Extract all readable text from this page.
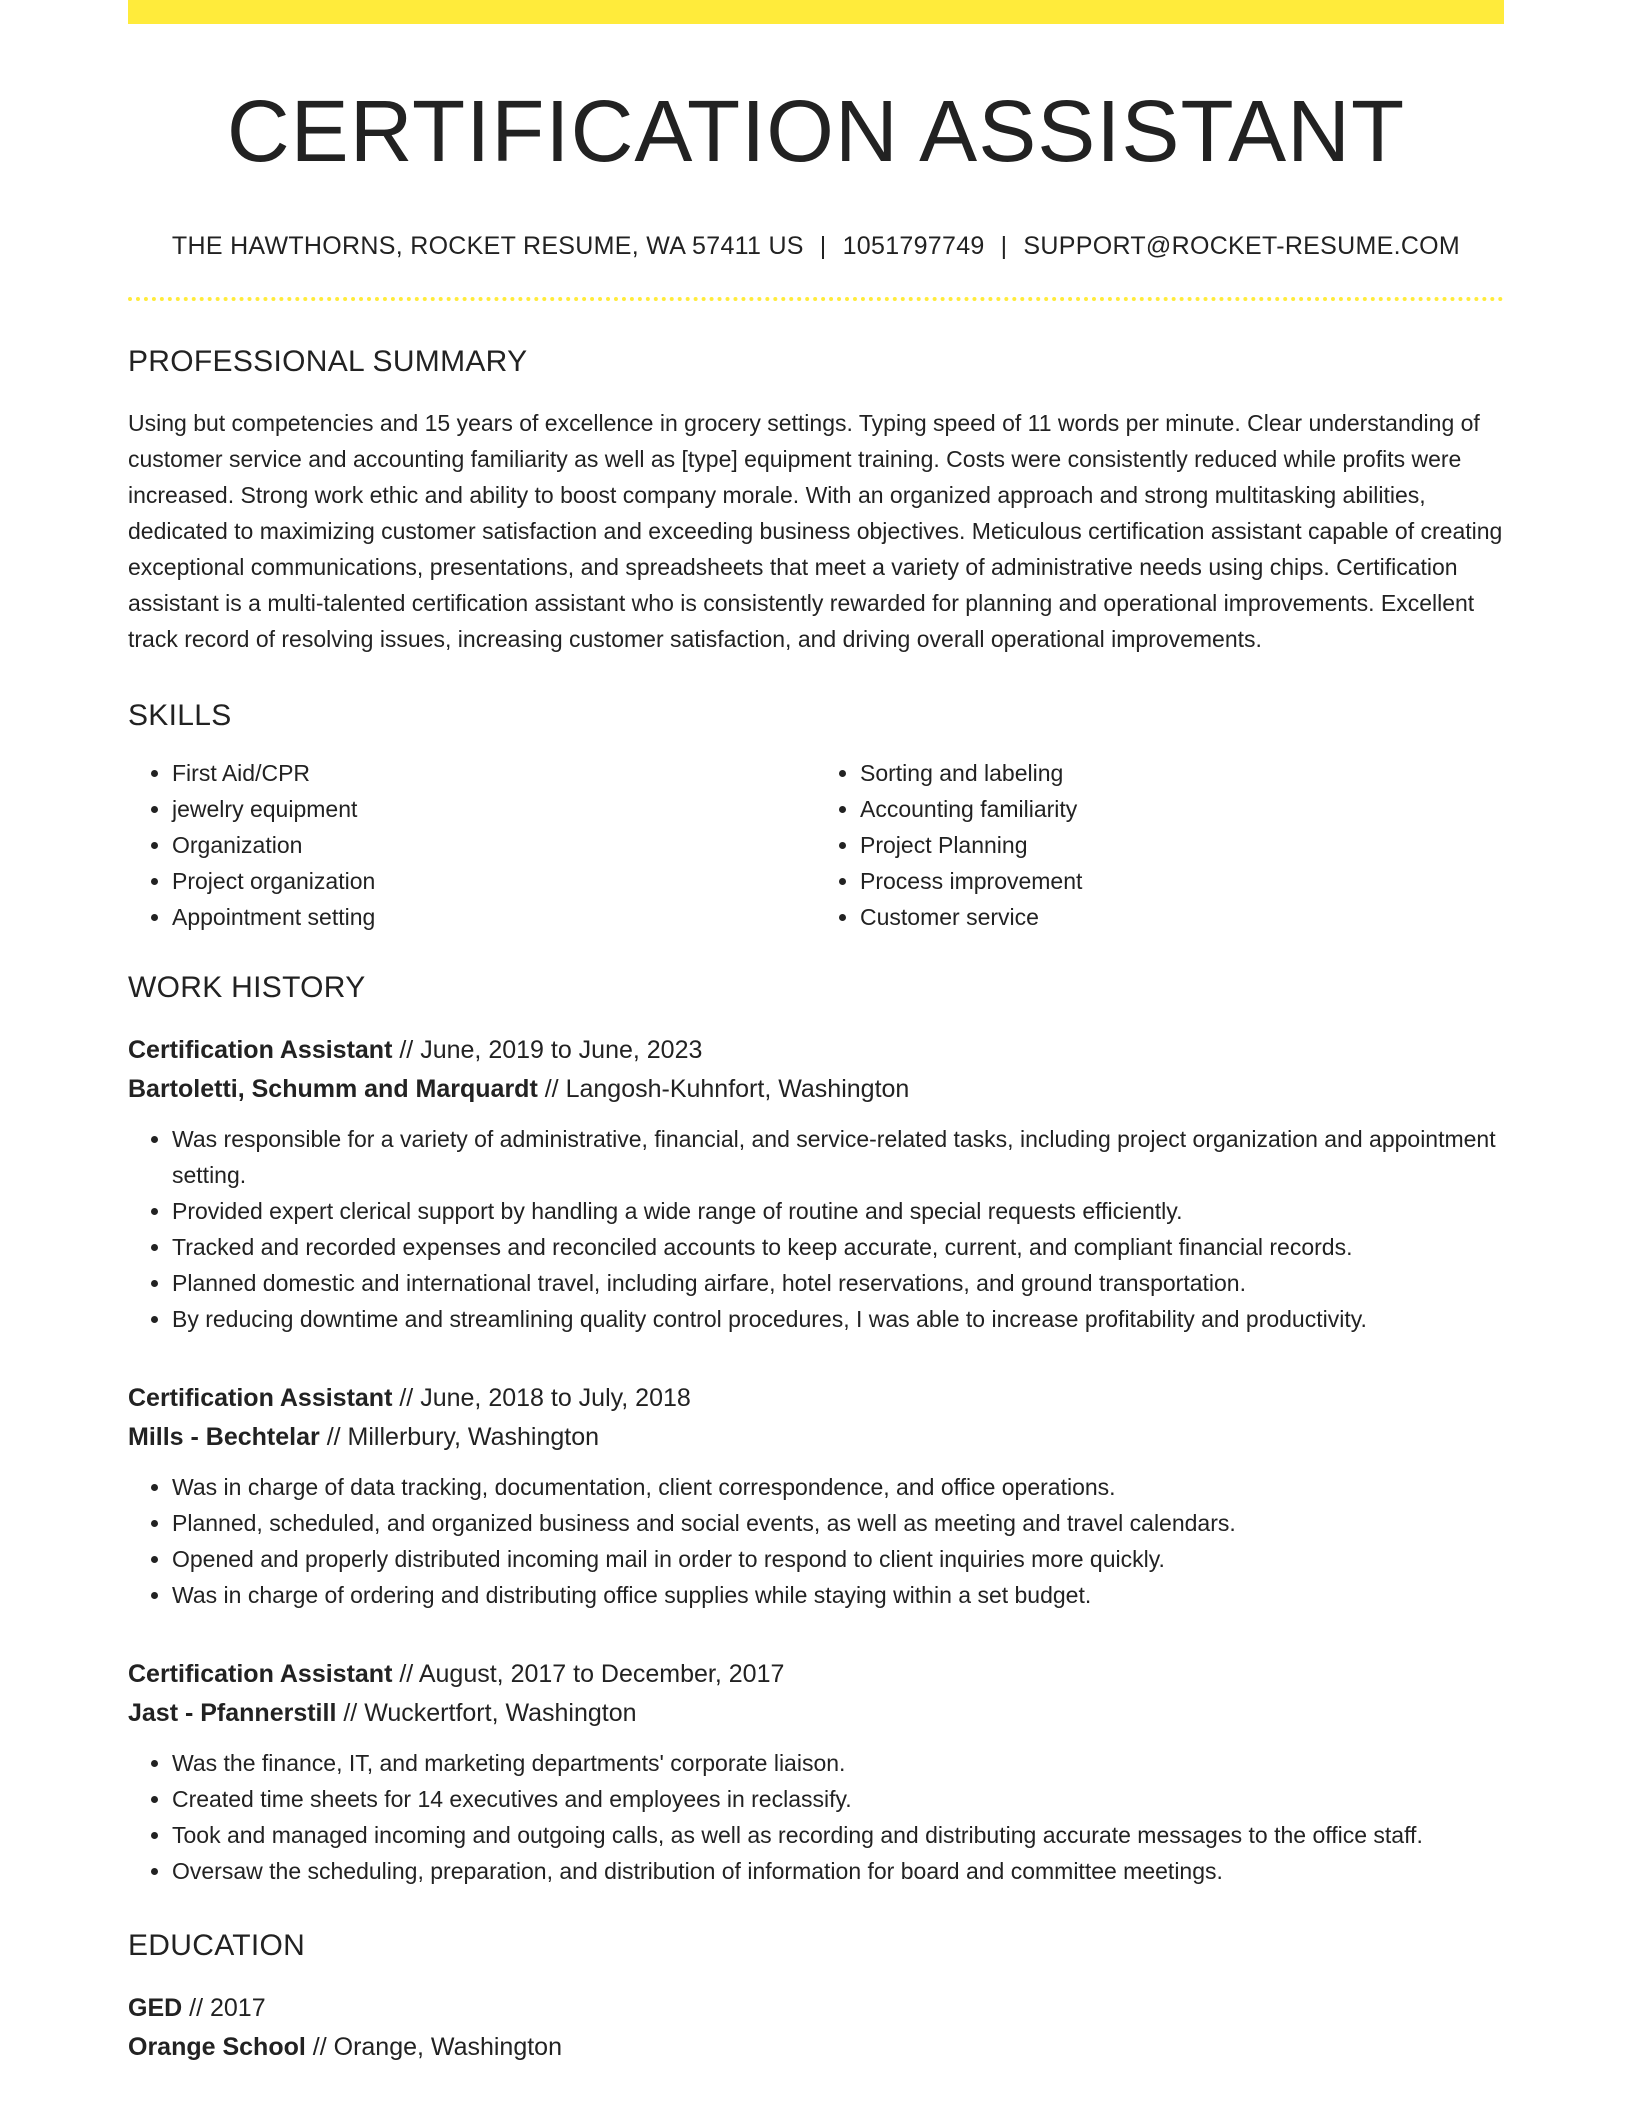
CERTIFICATION ASSISTANT
THE HAWTHORNS, ROCKET RESUME, WA 57411 US | 1051797749 | SUPPORT@ROCKET-RESUME.COM
PROFESSIONAL SUMMARY

Using but competencies and 15 years of excellence in grocery settings. Typing speed of 11 words per minute. Clear understanding of customer service and accounting familiarity as well as [type] equipment training. Costs were consistently reduced while profits were increased. Strong work ethic and ability to boost company morale. With an organized approach and strong multitasking abilities, dedicated to maximizing customer satisfaction and exceeding business objectives. Meticulous certification assistant capable of creating exceptional communications, presentations, and spreadsheets that meet a variety of administrative needs using chips. Certification assistant is a multi-talented certification assistant who is consistently rewarded for planning and operational improvements. Excellent track record of resolving issues, increasing customer satisfaction, and driving overall operational improvements.

SKILLS
• First Aid/CPR
• jewelry equipment
• Organization
• Project organization
• Appointment setting
• Sorting and labeling
• Accounting familiarity
• Project Planning
• Process improvement
• Customer service
WORK HISTORY
Certification Assistant // June, 2019 to June, 2023
Bartoletti, Schumm and Marquardt // Langosh-Kuhnfort, Washington
• Was responsible for a variety of administrative, financial, and service-related tasks, including project organization and appointment setting.
• Provided expert clerical support by handling a wide range of routine and special requests efficiently.
• Tracked and recorded expenses and reconciled accounts to keep accurate, current, and compliant financial records.
• Planned domestic and international travel, including airfare, hotel reservations, and ground transportation.
• By reducing downtime and streamlining quality control procedures, I was able to increase profitability and productivity.
Certification Assistant // June, 2018 to July, 2018
Mills - Bechtelar // Millerbury, Washington
• Was in charge of data tracking, documentation, client correspondence, and office operations.
• Planned, scheduled, and organized business and social events, as well as meeting and travel calendars.
• Opened and properly distributed incoming mail in order to respond to client inquiries more quickly.
• Was in charge of ordering and distributing office supplies while staying within a set budget.
Certification Assistant // August, 2017 to December, 2017
Jast - Pfannerstill // Wuckertfort, Washington
• Was the finance, IT, and marketing departments' corporate liaison.
• Created time sheets for 14 executives and employees in reclassify.
• Took and managed incoming and outgoing calls, as well as recording and distributing accurate messages to the office staff.
• Oversaw the scheduling, preparation, and distribution of information for board and committee meetings.
EDUCATION
GED // 2017
Orange School // Orange, Washington
